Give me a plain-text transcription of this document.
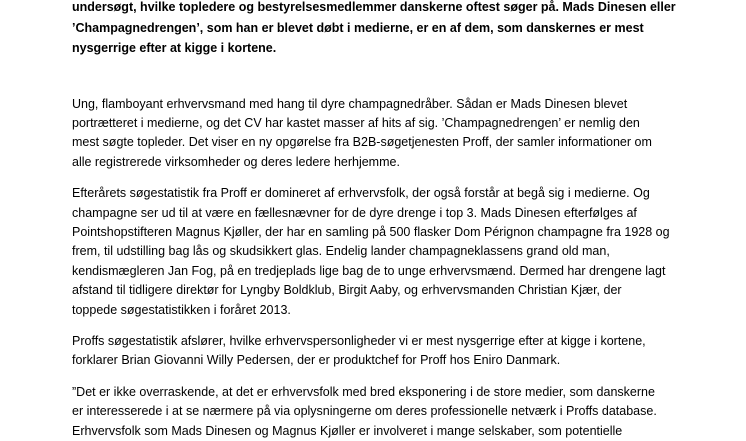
undersøgt, hvilke topledere og bestyrelsesmedlemmer danskerne oftest søger på. Mads Dinesen eller
’Champagnedrengen’, som han er blevet døbt i medierne, er en af dem, som danskernes er mest
nysgerrige efter at kigge i kortene.

Ung, flamboyant erhvervsmand med hang til dyre champagnedråber. Sådan er Mads Dinesen blevet
portrætteret i medierne, og det CV har kastet masser af hits af sig. ’Champagnedrengen’ er nemlig den
mest søgte topleder. Det viser en ny opgørelse fra B2B-søgetjenesten Proff, der samler informationer om
alle registrerede virksomheder og deres ledere herhjemme.

Efterårets søgestatistik fra Proff er domineret af erhvervsfolk, der også forstår at begå sig i medierne. Og
champagne ser ud til at være en fællesnævner for de dyre drenge i top 3. Mads Dinesen efterfølges af
Pointshopstifteren Magnus Kjøller, der har en samling på 500 flasker Dom Pérignon champagne fra 1928 og
frem, til udstilling bag lås og skudsikkert glas. Endelig lander champagneklassens grand old man,
kendismægleren Jan Fog, på en tredjeplads lige bag de to unge erhvervsmænd. Dermed har drengene lagt
afstand til tidligere direktør for Lyngby Boldklub, Birgit Aaby, og erhvervsmanden Christian Kjær, der
toppede søgestatistikken i foråret 2013.

Proffs søgestatistik afslører, hvilke erhvervspersonligheder vi er mest nysgerrige efter at kigge i kortene,
forklarer Brian Giovanni Willy Pedersen, der er produktchef for Proff hos Eniro Danmark.

”Det er ikke overraskende, at det er erhvervsfolk med bred eksponering i de store medier, som danskerne
er interesserede i at se nærmere på via oplysningerne om deres professionelle netværk i Proffs database.
Erhvervsfolk som Mads Dinesen og Magnus Kjøller er involveret i mange selskaber, som potentielle
